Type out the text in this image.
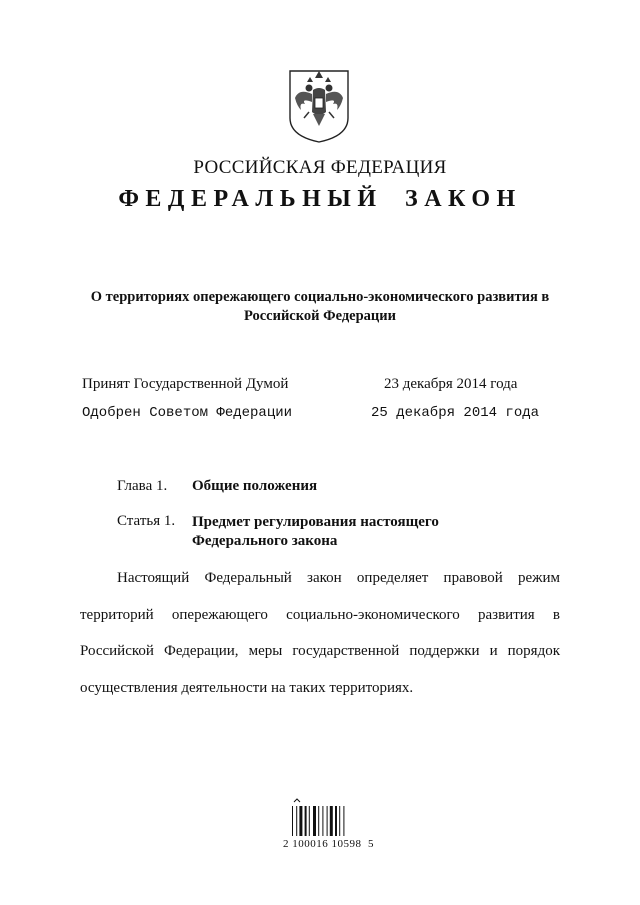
РОССИЙСКАЯ ФЕДЕРАЦИЯ
ФЕДЕРАЛЬНЫЙ ЗАКОН
О территориях опережающего социально-экономического развития в Российской Федерации
Принят Государственной Думой	23 декабря 2014 года
Одобрен Советом Федерации	25 декабря 2014 года
Глава 1. Общие положения
Статья 1. Предмет регулирования настоящего
Федерального закона
Настоящий Федеральный закон определяет правовой режим территорий опережающего социально-экономического развития в Российской Федерации, меры государственной поддержки и порядок осуществления деятельности на таких территориях.
2 100016 10598  5
